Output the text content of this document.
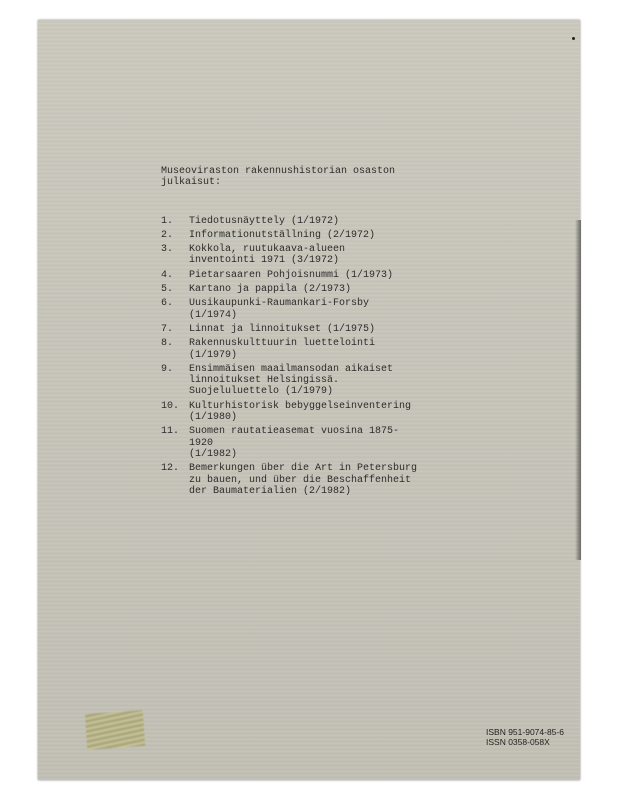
Museoviraston rakennushistorian osaston
julkaisut:

1.	Tiedotusnäyttely (1/1972)
2.	Informationutställning (2/1972)
3.	Kokkola, ruutukaava-alueen
inventointi 1971 (3/1972)
4.	Pietarsaaren Pohjoisnummi (1/1973)
5.	Kartano ja pappila (2/1973)
6.	Uusikaupunki-Raumankari-Forsby
(1/1974)
7.	Linnat ja linnoitukset (1/1975)
8.	Rakennuskulttuurin luettelointi
(1/1979)
9.	Ensimmäisen maailmansodan aikaiset
linnoitukset Helsingissä.
Suojeluluettelo (1/1979)
10. Kulturhistorisk bebyggelseinventering
(1/1980)
11. Suomen rautatieasemat vuosina 1875-1920
(1/1982)
12. Bemerkungen über die Art in Petersburg
zu bauen, und über die Beschaffenheit
der Baumaterialien (2/1982)
ISBN 951-9074-85-6
ISSN 0358-058X
